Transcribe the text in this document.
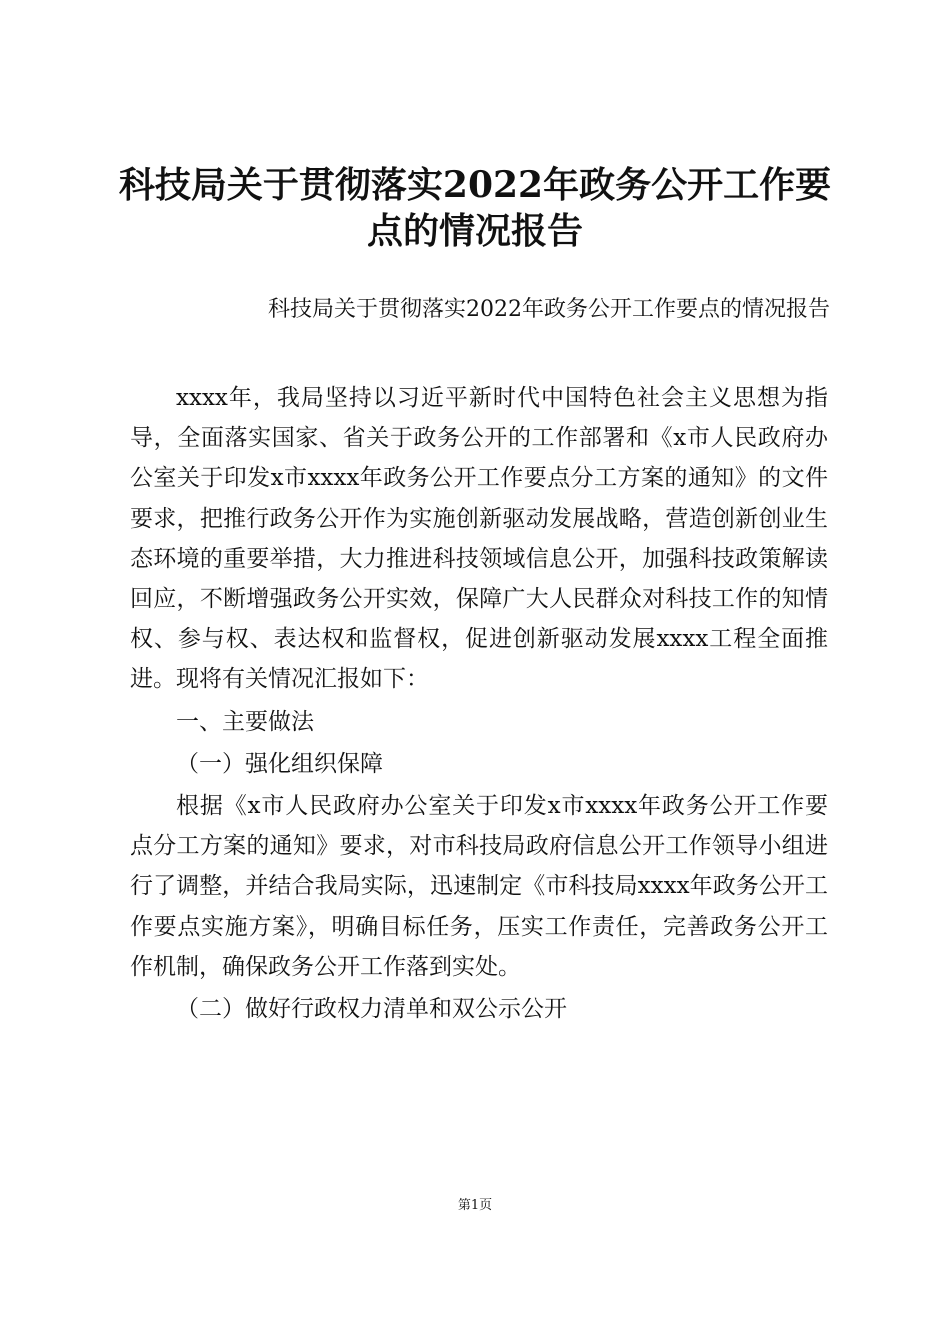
科技局关于贯彻落实2022年政务公开工作要点的情况报告

科技局关于贯彻落实2022年政务公开工作要点的情况报告

xxxx年，我局坚持以习近平新时代中国特色社会主义思想为指导，全面落实国家、省关于政务公开的工作部署和《x市人民政府办公室关于印发x市xxxx年政务公开工作要点分工方案的通知》的文件要求，把推行政务公开作为实施创新驱动发展战略，营造创新创业生态环境的重要举措，大力推进科技领域信息公开，加强科技政策解读回应，不断增强政务公开实效，保障广大人民群众对科技工作的知情权、参与权、表达权和监督权，促进创新驱动发展xxxx工程全面推进。现将有关情况汇报如下：

一、主要做法

（一）强化组织保障

根据《x市人民政府办公室关于印发x市xxxx年政务公开工作要点分工方案的通知》要求，对市科技局政府信息公开工作领导小组进行了调整，并结合我局实际，迅速制定《市科技局xxxx年政务公开工作要点实施方案》，明确目标任务，压实工作责任，完善政务公开工作机制，确保政务公开工作落到实处。

（二）做好行政权力清单和双公示公开

第1页
